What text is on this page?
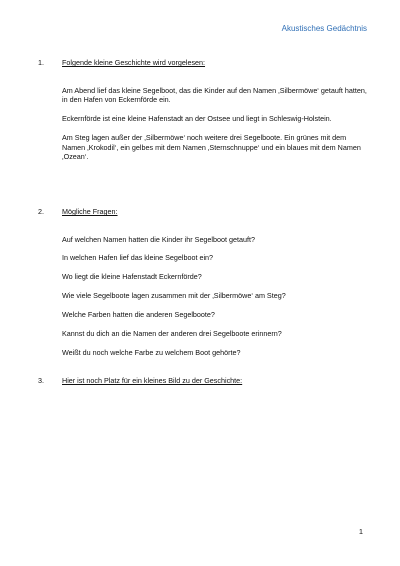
Akustisches Gedächtnis
1.	Folgende kleine Geschichte wird vorgelesen:

Am Abend lief das kleine Segelboot, das die Kinder auf den Namen ‚Silbermöwe‘ getauft hatten, in den Hafen von Eckernförde ein.

Eckernförde ist eine kleine Hafenstadt an der Ostsee und liegt in Schleswig-Holstein.

Am Steg lagen außer der ‚Silbermöwe‘ noch weitere drei Segelboote. Ein grünes mit dem Namen ‚Krokodil‘, ein gelbes mit dem Namen ‚Sternschnuppe‘ und ein blaues mit dem Namen ‚Ozean‘.

2.	Mögliche Fragen:

Auf welchen Namen hatten die Kinder ihr Segelboot getauft?

In welchen Hafen lief das kleine Segelboot ein?

Wo liegt die kleine Hafenstadt Eckernförde?

Wie viele Segelboote lagen zusammen mit der ‚Silbermöwe‘ am Steg?

Welche Farben hatten die anderen Segelboote?

Kannst du dich an die Namen der anderen drei Segelboote erinnern?

Weißt du noch welche Farbe zu welchem Boot gehörte?

3.	Hier ist noch Platz für ein kleines Bild zu der Geschichte:
1
